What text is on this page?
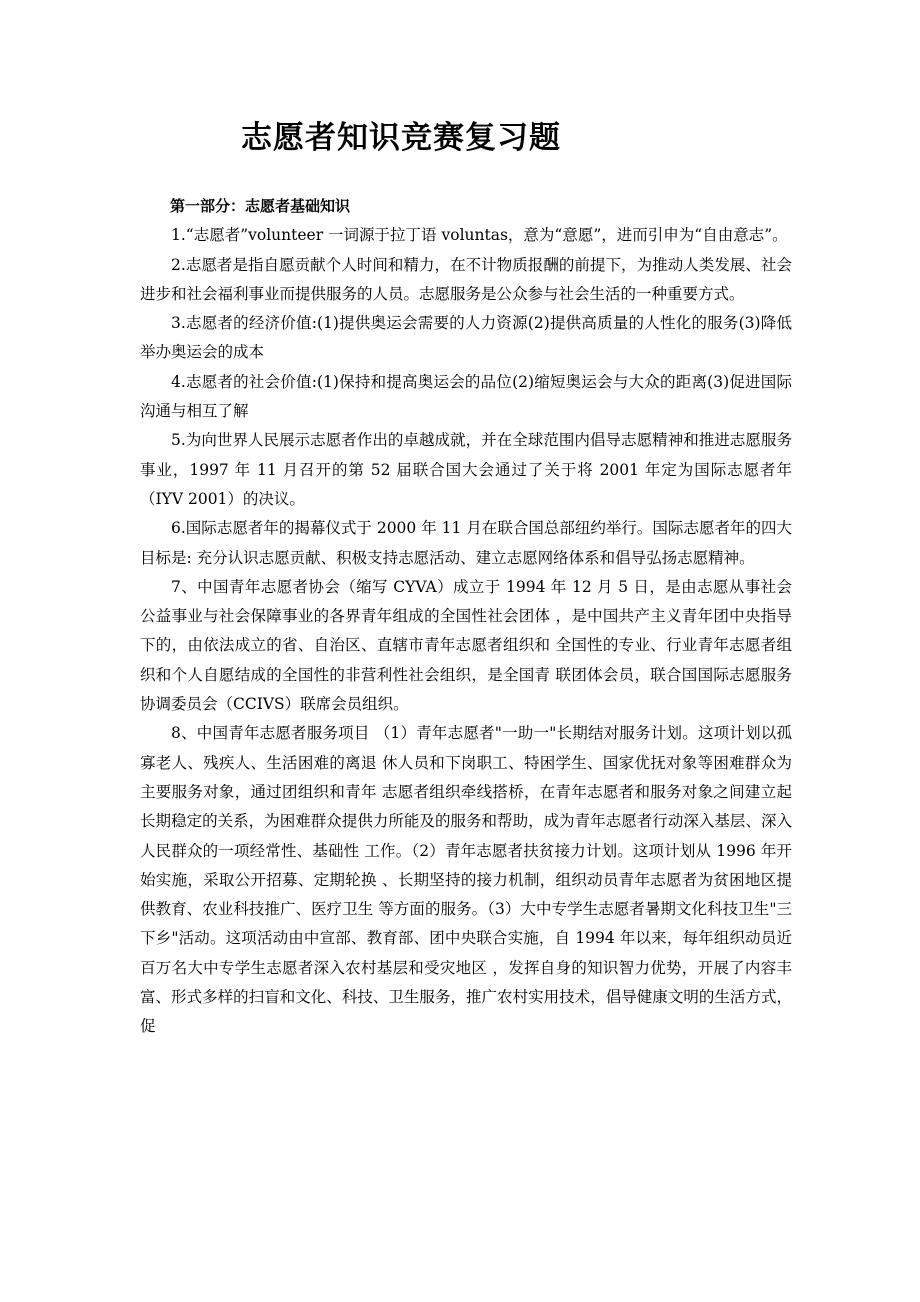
志愿者知识竞赛复习题

第一部分：志愿者基础知识

1.“志愿者”volunteer 一词源于拉丁语 voluntas，意为“意愿”，进而引申为“自由意志”。

2.志愿者是指自愿贡献个人时间和精力，在不计物质报酬的前提下，为推动人类发展、社会进步和社会福利事业而提供服务的人员。志愿服务是公众参与社会生活的一种重要方式。

3.志愿者的经济价值:(1)提供奥运会需要的人力资源(2)提供高质量的人性化的服务(3)降低举办奥运会的成本

4.志愿者的社会价值:(1)保持和提高奥运会的品位(2)缩短奥运会与大众的距离(3)促进国际沟通与相互了解

5.为向世界人民展示志愿者作出的卓越成就，并在全球范围内倡导志愿精神和推进志愿服务事业，1997 年 11 月召开的第 52 届联合国大会通过了关于将 2001 年定为国际志愿者年（IYV 2001）的决议。

6.国际志愿者年的揭幕仪式于 2000 年 11 月在联合国总部纽约举行。国际志愿者年的四大目标是: 充分认识志愿贡献、积极支持志愿活动、建立志愿网络体系和倡导弘扬志愿精神。

7、中国青年志愿者协会（缩写 CYVA）成立于 1994 年 12 月 5 日，是由志愿从事社会公益事业与社会保障事业的各界青年组成的全国性社会团体 ，是中国共产主义青年团中央指导下的，由依法成立的省、自治区、直辖市青年志愿者组织和 全国性的专业、行业青年志愿者组织和个人自愿结成的全国性的非营利性社会组织，是全国青 联团体会员，联合国国际志愿服务协调委员会（CCIVS）联席会员组织。

8、中国青年志愿者服务项目 （1）青年志愿者"一助一"长期结对服务计划。这项计划以孤寡老人、残疾人、生活困难的离退 休人员和下岗职工、特困学生、国家优抚对象等困难群众为主要服务对象，通过团组织和青年 志愿者组织牵线搭桥，在青年志愿者和服务对象之间建立起长期稳定的关系，为困难群众提供力所能及的服务和帮助，成为青年志愿者行动深入基层、深入人民群众的一项经常性、基础性 工作。（2）青年志愿者扶贫接力计划。这项计划从 1996 年开始实施，采取公开招募、定期轮换 、长期坚持的接力机制，组织动员青年志愿者为贫困地区提供教育、农业科技推广、医疗卫生 等方面的服务。（3）大中专学生志愿者暑期文化科技卫生"三下乡"活动。这项活动由中宣部、教育部、团中央联合实施，自 1994 年以来，每年组织动员近百万名大中专学生志愿者深入农村基层和受灾地区 ，发挥自身的知识智力优势，开展了内容丰富、形式多样的扫盲和文化、科技、卫生服务，推广农村实用技术，倡导健康文明的生活方式，促
